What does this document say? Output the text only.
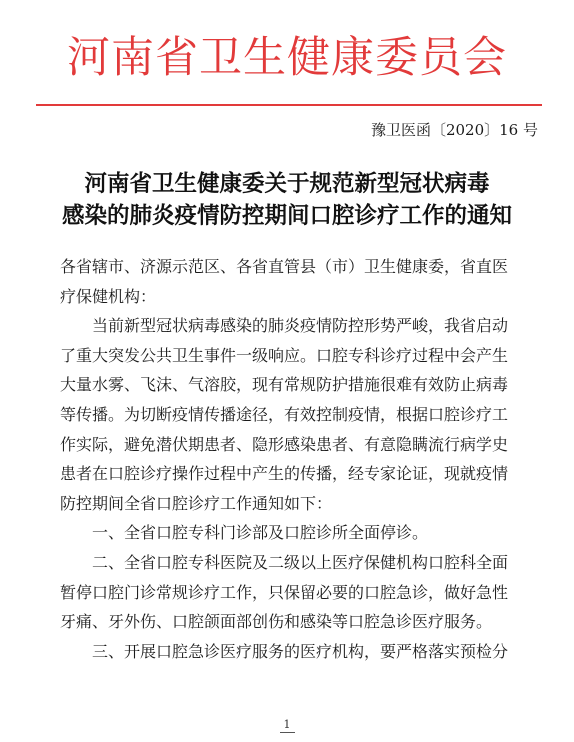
河南省卫生健康委员会
豫卫医函〔2020〕16 号
河南省卫生健康委关于规范新型冠状病毒
感染的肺炎疫情防控期间口腔诊疗工作的通知
各省辖市、济源示范区、各省直管县（市）卫生健康委，省直医
疗保健机构：
　　当前新型冠状病毒感染的肺炎疫情防控形势严峻，我省启动
了重大突发公共卫生事件一级响应。口腔专科诊疗过程中会产生
大量水雾、飞沫、气溶胶，现有常规防护措施很难有效防止病毒
等传播。为切断疫情传播途径，有效控制疫情，根据口腔诊疗工
作实际，避免潜伏期患者、隐形感染患者、有意隐瞒流行病学史
患者在口腔诊疗操作过程中产生的传播，经专家论证，现就疫情
防控期间全省口腔诊疗工作通知如下：
　　一、全省口腔专科门诊部及口腔诊所全面停诊。
　　二、全省口腔专科医院及二级以上医疗保健机构口腔科全面
暂停口腔门诊常规诊疗工作，只保留必要的口腔急诊，做好急性
牙痛、牙外伤、口腔颌面部创伤和感染等口腔急诊医疗服务。
　　三、开展口腔急诊医疗服务的医疗机构，要严格落实预检分
1
